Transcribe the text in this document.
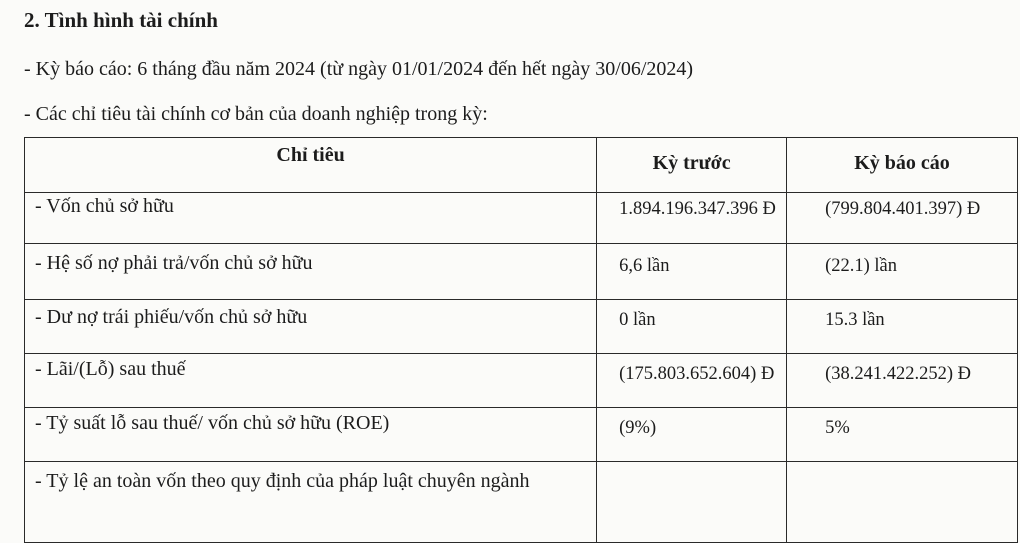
2. Tình hình tài chính
- Kỳ báo cáo: 6 tháng đầu năm 2024 (từ ngày 01/01/2024 đến hết ngày 30/06/2024)
- Các chỉ tiêu tài chính cơ bản của doanh nghiệp trong kỳ:
Chỉ tiêu	Kỳ trước	Kỳ báo cáo
- Vốn chủ sở hữu	1.894.196.347.396 Đ	(799.804.401.397) Đ
- Hệ số nợ phải trả/vốn chủ sở hữu	6,6 lần	(22.1) lần
- Dư nợ trái phiếu/vốn chủ sở hữu	0 lần	15.3 lần
- Lãi/(Lỗ) sau thuế	(175.803.652.604) Đ	(38.241.422.252) Đ
- Tỷ suất lỗ sau thuế/ vốn chủ sở hữu (ROE)	(9%)	5%
- Tỷ lệ an toàn vốn theo quy định của pháp luật chuyên ngành		
